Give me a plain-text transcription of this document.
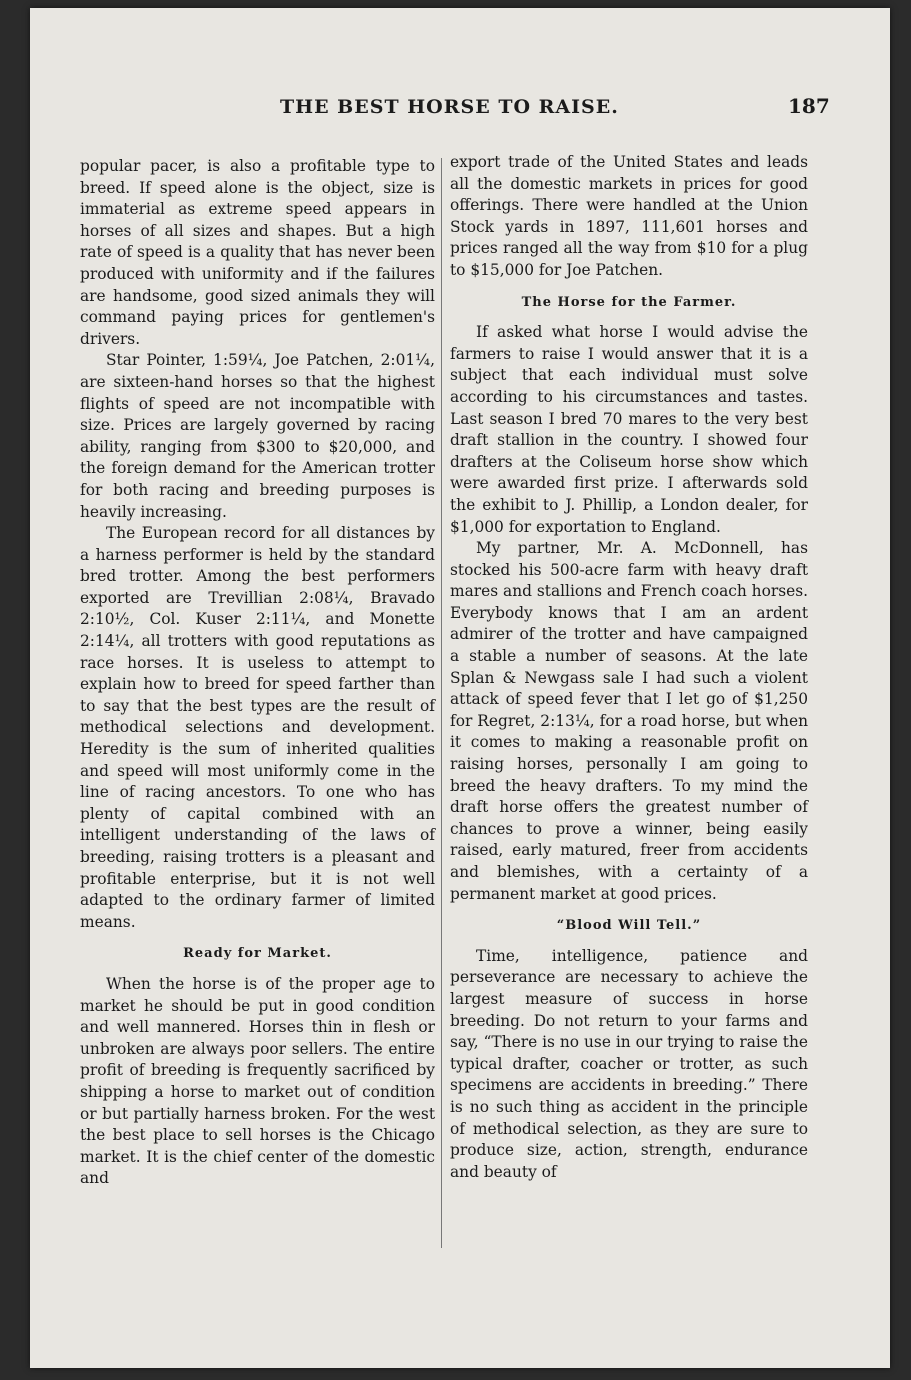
THE BEST HORSE TO RAISE.	187

popular pacer, is also a profitable type to breed. If speed alone is the object, size is immaterial as extreme speed appears in horses of all sizes and shapes. But a high rate of speed is a quality that has never been produced with uniformity and if the failures are handsome, good sized animals they will command paying prices for gentlemen's drivers.

Star Pointer, 1:59¼, Joe Patchen, 2:01¼, are sixteen-hand horses so that the highest flights of speed are not incompatible with size. Prices are largely governed by racing ability, ranging from $300 to $20,000, and the foreign demand for the American trotter for both racing and breeding purposes is heavily increasing.

The European record for all distances by a harness performer is held by the standard bred trotter. Among the best performers exported are Trevillian 2:08¼, Bravado 2:10½, Col. Kuser 2:11¼, and Monette 2:14¼, all trotters with good reputations as race horses. It is useless to attempt to explain how to breed for speed farther than to say that the best types are the result of methodical selections and development. Heredity is the sum of inherited qualities and speed will most uniformly come in the line of racing ancestors. To one who has plenty of capital combined with an intelligent understanding of the laws of breeding, raising trotters is a pleasant and profitable enterprise, but it is not well adapted to the ordinary farmer of limited means.

Ready for Market.

When the horse is of the proper age to market he should be put in good condition and well mannered. Horses thin in flesh or unbroken are always poor sellers. The entire profit of breeding is frequently sacrificed by shipping a horse to market out of condition or but partially harness broken. For the west the best place to sell horses is the Chicago market. It is the chief center of the domestic and

export trade of the United States and leads all the domestic markets in prices for good offerings. There were handled at the Union Stock yards in 1897, 111,601 horses and prices ranged all the way from $10 for a plug to $15,000 for Joe Patchen.

The Horse for the Farmer.

If asked what horse I would advise the farmers to raise I would answer that it is a subject that each individual must solve according to his circumstances and tastes. Last season I bred 70 mares to the very best draft stallion in the country. I showed four drafters at the Coliseum horse show which were awarded first prize. I afterwards sold the exhibit to J. Phillip, a London dealer, for $1,000 for exportation to England.

My partner, Mr. A. McDonnell, has stocked his 500-acre farm with heavy draft mares and stallions and French coach horses. Everybody knows that I am an ardent admirer of the trotter and have campaigned a stable a number of seasons. At the late Splan & Newgass sale I had such a violent attack of speed fever that I let go of $1,250 for Regret, 2:13¼, for a road horse, but when it comes to making a reasonable profit on raising horses, personally I am going to breed the heavy drafters. To my mind the draft horse offers the greatest number of chances to prove a winner, being easily raised, early matured, freer from accidents and blemishes, with a certainty of a permanent market at good prices.

“Blood Will Tell.”

Time, intelligence, patience and perseverance are necessary to achieve the largest measure of success in horse breeding. Do not return to your farms and say, “There is no use in our trying to raise the typical drafter, coacher or trotter, as such specimens are accidents in breeding.” There is no such thing as accident in the principle of methodical selection, as they are sure to produce size, action, strength, endurance and beauty of
